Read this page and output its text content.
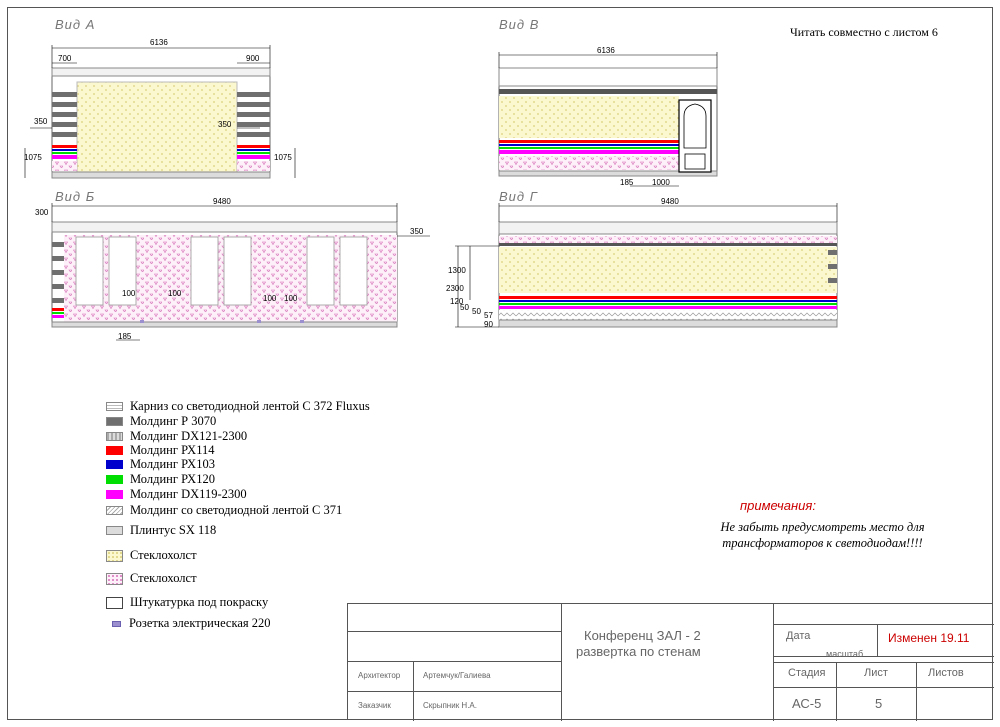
Читать совместно с листом 6
Вид А	Вид В
Вид Б	Вид Г
6136
700	900
350
1075
350
1075
6136
185 1000
9480
300
350
100	100
100 100
185
9480
1300
2300
120
50 50 57
90
Карниз со светодиодной лентой С 372 Fluxus
Молдинг Р 3070
Молдинг DX121-2300
Молдинг РХ114
Молдинг РХ103
Молдинг РХ120
Молдинг DX119-2300
Молдинг со светодиодной лентой С 371
Плинтус SX 118
Стеклохолст
Стеклохолст
Штукатурка под покраску
Розетка электрическая 220
примечания:
Не забыть предусмотреть место для
трансформаторов к светодиодам!!!!
Архитектор	Артемчук/Галиева
Заказчик	Скрыпник Н.А.
Конференц ЗАЛ - 2
развертка по стенам
Дата	Изменен 19.11
масштаб
Стадия	Лист	Листов
АС-5	5
